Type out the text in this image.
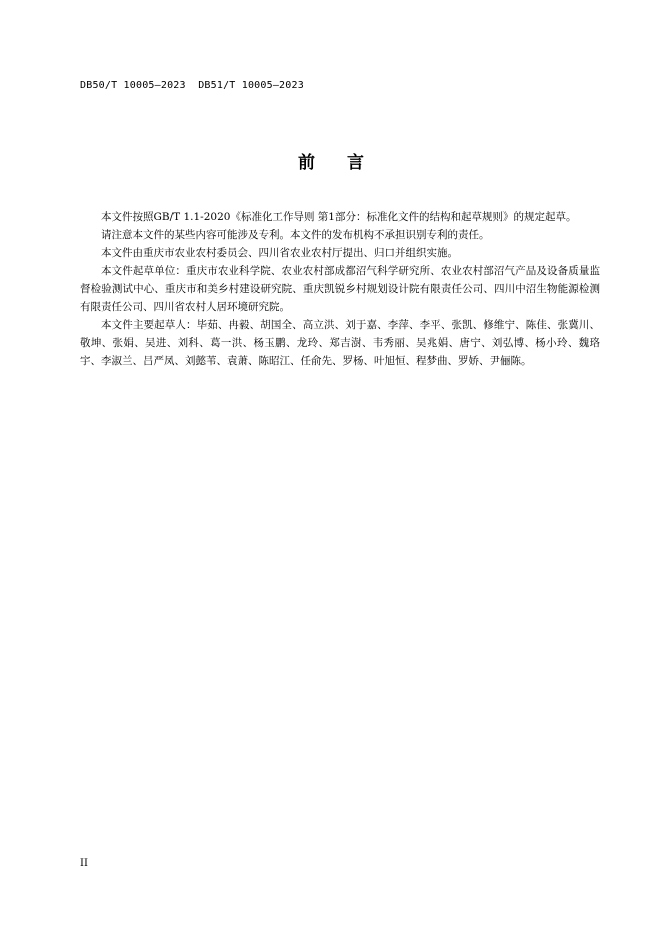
DB50/T 10005—2023  DB51/T 10005—2023
前言

本文件按照GB/T 1.1-2020《标准化工作导则 第1部分：标准化文件的结构和起草规则》的规定起草。

请注意本文件的某些内容可能涉及专利。本文件的发布机构不承担识别专利的责任。

本文件由重庆市农业农村委员会、四川省农业农村厅提出、归口并组织实施。

本文件起草单位：重庆市农业科学院、农业农村部成都沼气科学研究所、农业农村部沼气产品及设备质量监督检验测试中心、重庆市和美乡村建设研究院、重庆凯锐乡村规划设计院有限责任公司、四川中沼生物能源检测有限责任公司、四川省农村人居环境研究院。

本文件主要起草人：毕茹、冉毅、胡国全、高立洪、刘于嘉、李萍、李平、张凯、修维宁、陈佳、张冀川、敬坤、张娟、吴进、刘科、葛一洪、杨玉鹏、龙玲、郑吉澍、韦秀丽、吴兆娟、唐宁、刘弘博、杨小玲、魏珞宇、李淑兰、吕严凤、刘懿苇、袁萧、陈昭江、任俞先、罗杨、叶旭恒、程梦曲、罗娇、尹俪陈。

II
